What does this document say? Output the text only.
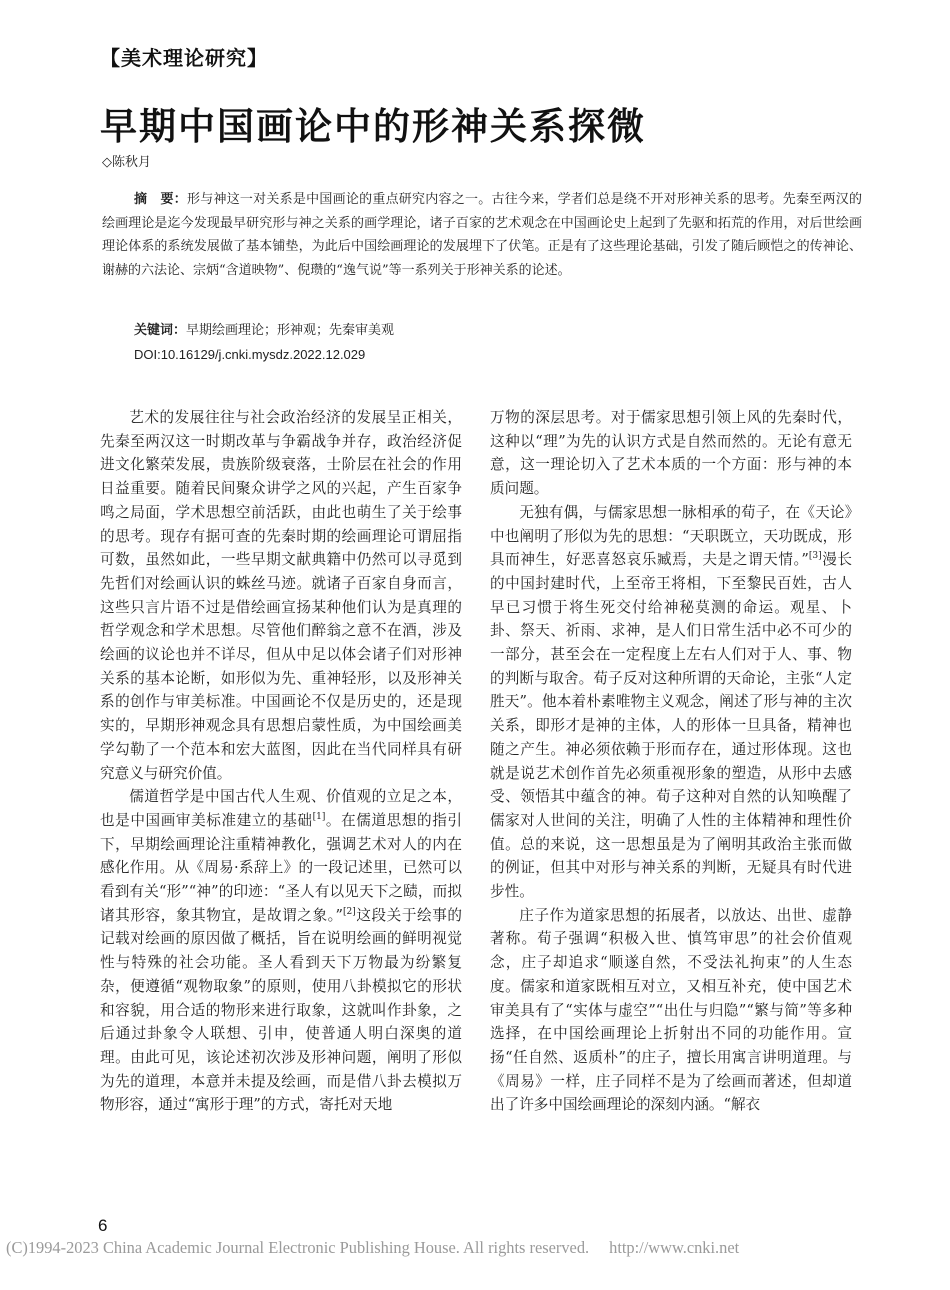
【美术理论研究】
早期中国画论中的形神关系探微
◇陈秋月

摘　要：形与神这一对关系是中国画论的重点研究内容之一。古往今来，学者们总是绕不开对形神关系的思考。先秦至两汉的绘画理论是迄今发现最早研究形与神之关系的画学理论，诸子百家的艺术观念在中国画论史上起到了先驱和拓荒的作用，对后世绘画理论体系的系统发展做了基本铺垫，为此后中国绘画理论的发展埋下了伏笔。正是有了这些理论基础，引发了随后顾恺之的传神论、谢赫的六法论、宗炳“含道映物”、倪瓒的“逸气说”等一系列关于形神关系的论述。

关键词：早期绘画理论；形神观；先秦审美观
DOI:10.16129/j.cnki.mysdz.2022.12.029

艺术的发展往往与社会政治经济的发展呈正相关，先秦至两汉这一时期改革与争霸战争并存，政治经济促进文化繁荣发展，贵族阶级衰落，士阶层在社会的作用日益重要。随着民间聚众讲学之风的兴起，产生百家争鸣之局面，学术思想空前活跃，由此也萌生了关于绘事的思考。现存有据可查的先秦时期的绘画理论可谓屈指可数，虽然如此，一些早期文献典籍中仍然可以寻觅到先哲们对绘画认识的蛛丝马迹。就诸子百家自身而言，这些只言片语不过是借绘画宣扬某种他们认为是真理的哲学观念和学术思想。尽管他们醉翁之意不在酒，涉及绘画的议论也并不详尽，但从中足以体会诸子们对形神关系的基本论断，如形似为先、重神轻形，以及形神关系的创作与审美标准。中国画论不仅是历史的，还是现实的，早期形神观念具有思想启蒙性质，为中国绘画美学勾勒了一个范本和宏大蓝图，因此在当代同样具有研究意义与研究价值。

儒道哲学是中国古代人生观、价值观的立足之本，也是中国画审美标准建立的基础[1]。在儒道思想的指引下，早期绘画理论注重精神教化，强调艺术对人的内在感化作用。从《周易·系辞上》的一段记述里，已然可以看到有关“形”“神”的印迹：“圣人有以见天下之赜，而拟诸其形容，象其物宜，是故谓之象。”[2]这段关于绘事的记载对绘画的原因做了概括，旨在说明绘画的鲜明视觉性与特殊的社会功能。圣人看到天下万物最为纷繁复杂，便遵循“观物取象”的原则，使用八卦模拟它的形状和容貌，用合适的物形来进行取象，这就叫作卦象，之后通过卦象令人联想、引申，使普通人明白深奥的道理。由此可见，该论述初次涉及形神问题，阐明了形似为先的道理，本意并未提及绘画，而是借八卦去模拟万物形容，通过“寓形于理”的方式，寄托对天地

万物的深层思考。对于儒家思想引领上风的先秦时代，这种以“理”为先的认识方式是自然而然的。无论有意无意，这一理论切入了艺术本质的一个方面：形与神的本质问题。

无独有偶，与儒家思想一脉相承的荀子，在《天论》中也阐明了形似为先的思想：“天职既立，天功既成，形具而神生，好恶喜怒哀乐臧焉，夫是之谓天情。”[3]漫长的中国封建时代，上至帝王将相，下至黎民百姓，古人早已习惯于将生死交付给神秘莫测的命运。观星、卜卦、祭天、祈雨、求神，是人们日常生活中必不可少的一部分，甚至会在一定程度上左右人们对于人、事、物的判断与取舍。荀子反对这种所谓的天命论，主张“人定胜天”。他本着朴素唯物主义观念，阐述了形与神的主次关系，即形才是神的主体，人的形体一旦具备，精神也随之产生。神必须依赖于形而存在，通过形体现。这也就是说艺术创作首先必须重视形象的塑造，从形中去感受、领悟其中蕴含的神。荀子这种对自然的认知唤醒了儒家对人世间的关注，明确了人性的主体精神和理性价值。总的来说，这一思想虽是为了阐明其政治主张而做的例证，但其中对形与神关系的判断，无疑具有时代进步性。

庄子作为道家思想的拓展者，以放达、出世、虚静著称。荀子强调“积极入世、慎笃审思”的社会价值观念，庄子却追求“顺遂自然，不受法礼拘束”的人生态度。儒家和道家既相互对立，又相互补充，使中国艺术审美具有了“实体与虚空”“出仕与归隐”“繁与简”等多种选择，在中国绘画理论上折射出不同的功能作用。宣扬“任自然、返质朴”的庄子，擅长用寓言讲明道理。与《周易》一样，庄子同样不是为了绘画而著述，但却道出了许多中国绘画理论的深刻内涵。“解衣

6
(C)1994-2023 China Academic Journal Electronic Publishing House. All rights reserved. http://www.cnki.net
